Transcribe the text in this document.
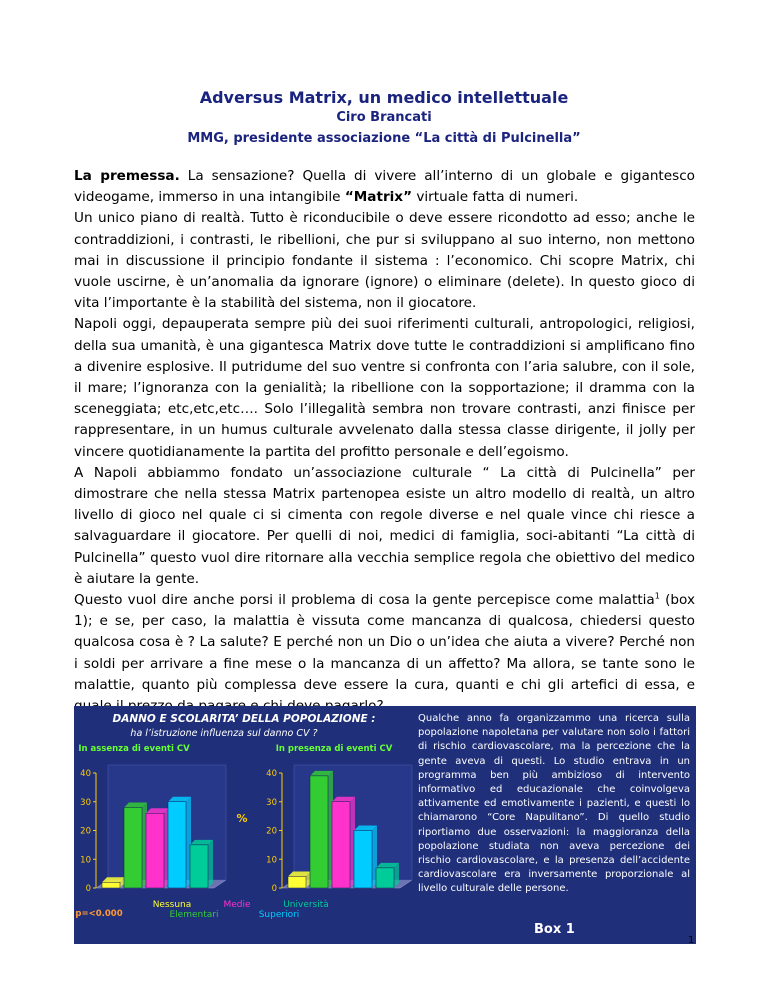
Adversus Matrix, un medico intellettuale
Ciro Brancati
MMG, presidente associazione “La città di Pulcinella”

La premessa. La sensazione? Quella di vivere all’interno di un globale e gigantesco videogame, immerso in una intangibile “Matrix” virtuale fatta di numeri.

Un unico piano di realtà. Tutto è riconducibile o deve essere ricondotto ad esso; anche le contraddizioni, i contrasti, le ribellioni, che pur si sviluppano al suo interno, non mettono mai in discussione il principio fondante il sistema : l’economico. Chi scopre Matrix, chi vuole uscirne, è un’anomalia da ignorare (ignore) o eliminare (delete). In questo gioco di vita l’importante è la stabilità del sistema, non il giocatore.

Napoli oggi, depauperata sempre più dei suoi riferimenti culturali, antropologici, religiosi, della sua umanità, è una gigantesca Matrix dove tutte le contraddizioni si amplificano fino a divenire esplosive. Il putridume del suo ventre si confronta con l’aria salubre, con il sole, il mare; l’ignoranza con la genialità; la ribellione con la sopportazione; il dramma con la sceneggiata; etc,etc,etc…. Solo l’illegalità sembra non trovare contrasti, anzi finisce per rappresentare, in un humus culturale avvelenato dalla stessa classe dirigente, il jolly per vincere quotidianamente la partita del profitto personale e dell’egoismo.

A Napoli abbiammo fondato un’associazione culturale “ La città di Pulcinella” per dimostrare che nella stessa Matrix partenopea esiste un altro modello di realtà, un altro livello di gioco nel quale ci si cimenta con regole diverse e nel quale vince chi riesce a salvaguardare il giocatore. Per quelli di noi, medici di famiglia, soci-abitanti “La città di Pulcinella” questo vuol dire ritornare alla vecchia semplice regola che obiettivo del medico è aiutare la gente.

Questo vuol dire anche porsi il problema di cosa la gente percepisce come malattia$^1$ (box 1); e se, per caso, la malattia è vissuta come mancanza di qualcosa, chiedersi questo qualcosa cosa è ? La salute? E perché non un Dio o un’idea che aiuta a vivere? Perché non i soldi per arrivare a fine mese o la mancanza di un affetto? Ma allora, se tante sono le malattie, quanto più complessa deve essere la cura, quanti e chi gli artefici di essa, e

DANNO E SCOLARITA’ DELLA POPOLAZIONE :
ha l’istruzione influenza sul danno CV ?
In assenza di eventi CV	In presenza di eventi CV
%
p=<0.000
Nessuna
Elementari
Medie
Superiori
Università
0
10
20
30
40
0
10
20
30
40
Qualche anno fa organizzammo una ricerca sulla popolazione napoletana per valutare non solo i fattori di rischio cardiovascolare, ma la percezione che la gente aveva di questi. Lo studio entrava in un programma ben più ambizioso di intervento informativo ed educazionale che coinvolgeva attivamente ed emotivamente i pazienti, e questi lo chiamarono “Core Napulitano”. Di quello studio riportiamo due osservazioni: la maggioranza della popolazione studiata non aveva percezione dei rischio cardiovascolare, e la presenza dell’accidente cardiovascolare era inversamente proporzionale al livello culturale delle persone.
Box 1
1
